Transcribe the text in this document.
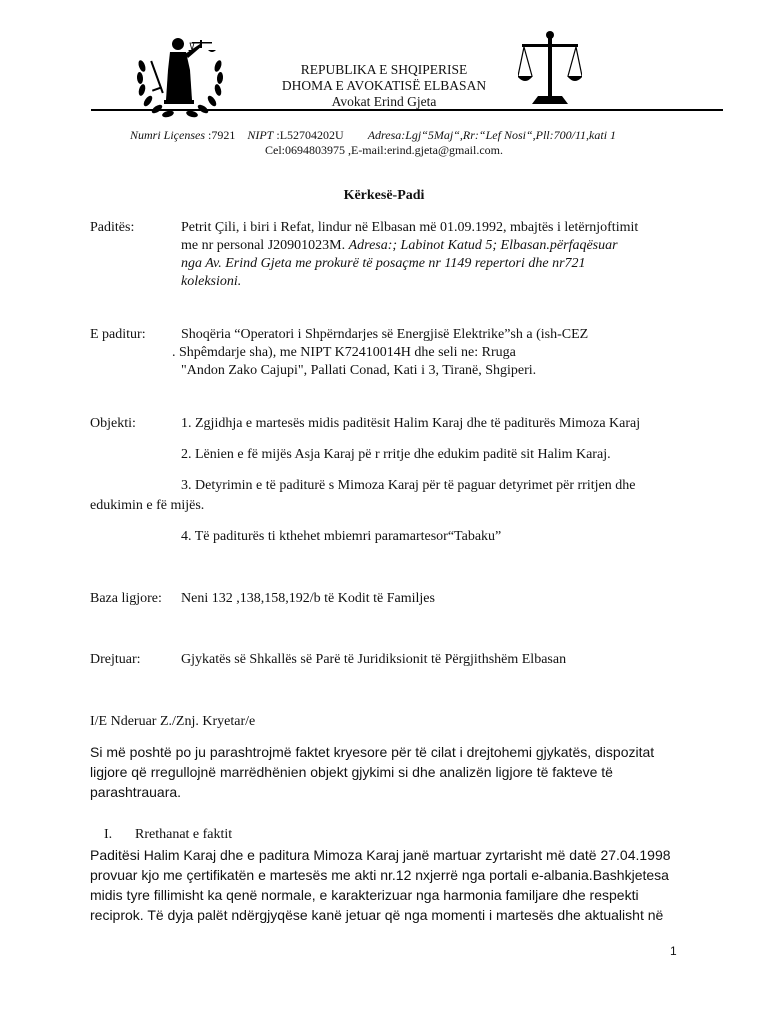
REPUBLIKA E SHQIPERISE
DHOMA E AVOKATISË ELBASAN
Avokat Erind Gjeta
Numri Liçenses :7921 NIPT :L52704202U Adresa:Lgj“5Maj“,Rr:“Lef Nosi“,Pll:700/11,kati 1
Cel:0694803975 ,E-mail:erind.gjeta@gmail.com.
Kërkesë-Padi
Paditës:	Petrit Çili, i biri i Refat, lindur në Elbasan më 01.09.1992, mbajtës i letërnjoftimit
me nr personal J20901023M. Adresa:; Labinot Katud 5; Elbasan.përfaqësuar
nga Av. Erind Gjeta me prokurë të posaçme nr 1149 repertori dhe nr721
koleksioni.
E paditur:	Shoqëria “Operatori i Shpërndarjes së Energjisë Elektrike”sh a (ish-CEZ
. Shpêmdarje sha), me NIPT K72410014H dhe seli ne: Rruga
"Andon Zako Cajupi", Pallati Conad, Kati i 3, Tiranë, Shgiperi.
Objekti:	1. Zgjidhja e martesës midis paditësit Halim Karaj dhe të paditurës Mimoza Karaj
2. Lënien e fë mijës Asja Karaj pë r rritje dhe edukim paditë sit Halim Karaj.
3. Detyrimin e të paditurë s Mimoza Karaj për të paguar detyrimet për rritjen dhe
edukimin e fë mijës.
4. Të paditurës ti kthehet mbiemri paramartesor“Tabaku”
Baza ligjore: Neni 132 ,138,158,192/b të Kodit të Familjes
Drejtuar:	Gjykatës së Shkallës së Parë të Juridiksionit të Përgjithshëm Elbasan
I/E Nderuar Z./Znj. Kryetar/e
Si më poshtë po ju parashtrojmë faktet kryesore për të cilat i drejtohemi gjykatës, dispozitat
ligjore që rregullojnë marrëdhënien objekt gjykimi si dhe analizën ligjore të fakteve të
parashtrauara.
I. Rrethanat e faktit
Paditësi Halim Karaj dhe e paditura Mimoza Karaj janë martuar zyrtarisht më datë 27.04.1998
provuar kjo me çertifikatën e martesës me akti nr.12 nxjerrë nga portali e-albania.Bashkjetesa
midis tyre fillimisht ka qenë normale, e karakterizuar nga harmonia familjare dhe respekti
reciprok. Të dyja palët ndërgjyqëse kanë jetuar që nga momenti i martesës dhe aktualisht në
1
